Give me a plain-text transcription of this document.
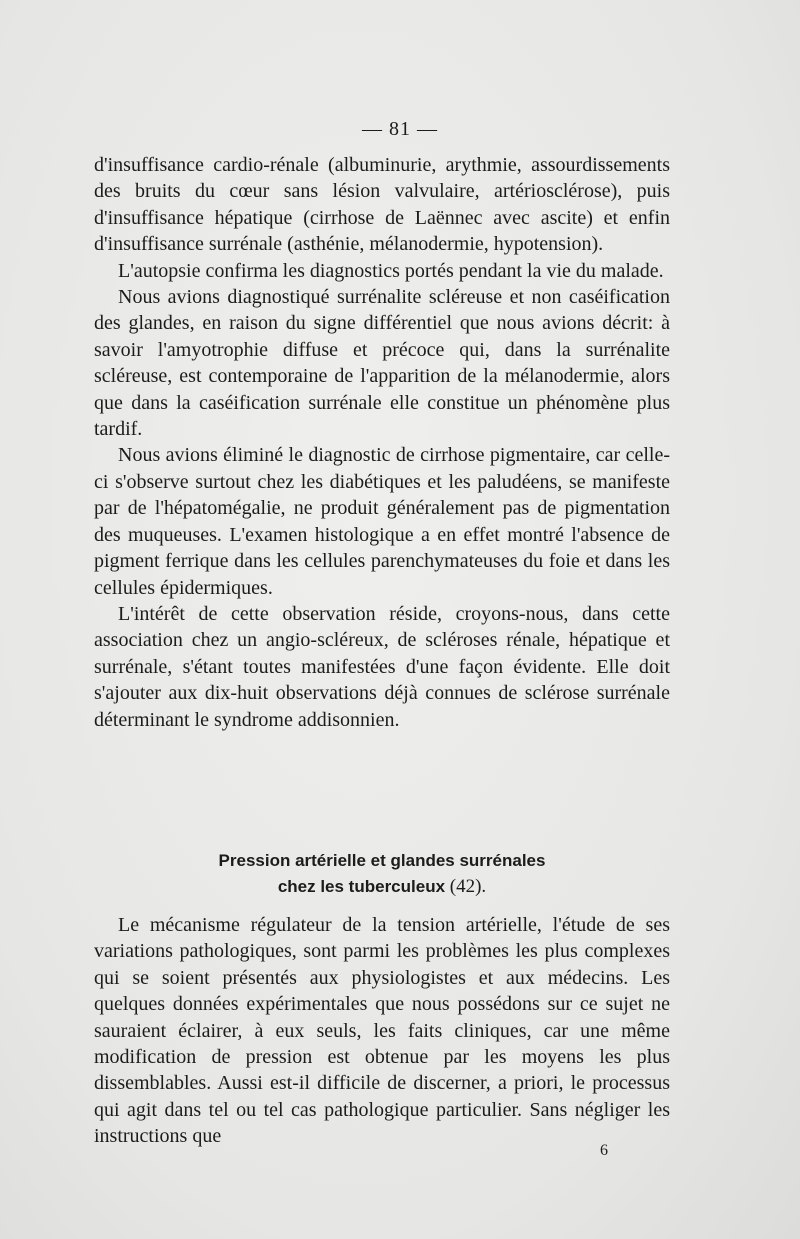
— 81 —

d'insuffisance cardio-rénale (albuminurie, arythmie, assourdissements des bruits du cœur sans lésion valvulaire, artériosclérose), puis d'insuffisance hépatique (cirrhose de Laënnec avec ascite) et enfin d'insuffisance surrénale (asthénie, mélanodermie, hypotension).

L'autopsie confirma les diagnostics portés pendant la vie du malade.

Nous avions diagnostiqué surrénalite scléreuse et non caséification des glandes, en raison du signe différentiel que nous avions décrit: à savoir l'amyotrophie diffuse et précoce qui, dans la surrénalite scléreuse, est contemporaine de l'apparition de la mélanodermie, alors que dans la caséification surrénale elle constitue un phénomène plus tardif.

Nous avions éliminé le diagnostic de cirrhose pigmentaire, car celle-ci s'observe surtout chez les diabétiques et les paludéens, se manifeste par de l'hépatomégalie, ne produit généralement pas de pigmentation des muqueuses. L'examen histologique a en effet montré l'absence de pigment ferrique dans les cellules parenchymateuses du foie et dans les cellules épidermiques.

L'intérêt de cette observation réside, croyons-nous, dans cette association chez un angio-scléreux, de scléroses rénale, hépatique et surrénale, s'étant toutes manifestées d'une façon évidente. Elle doit s'ajouter aux dix-huit observations déjà connues de sclérose surrénale déterminant le syndrome addisonnien.

Pression artérielle et glandes surrénales
chez les tuberculeux (42).

Le mécanisme régulateur de la tension artérielle, l'étude de ses variations pathologiques, sont parmi les problèmes les plus complexes qui se soient présentés aux physiologistes et aux médecins. Les quelques données expérimentales que nous possédons sur ce sujet ne sauraient éclairer, à eux seuls, les faits cliniques, car une même modification de pression est obtenue par les moyens les plus dissemblables. Aussi est-il difficile de discerner, a priori, le processus qui agit dans tel ou tel cas pathologique particulier. Sans négliger les instructions que

6
